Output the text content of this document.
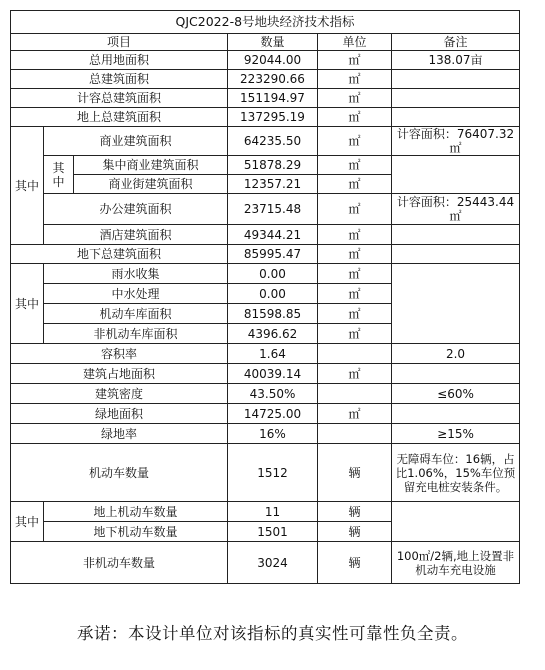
QJC2022-8号地块经济技术指标					
项目			数量	单位	备注
总用地面积			92044.00	㎡	138.07亩
总建筑面积			223290.66	㎡	
计容总建筑面积			151194.97	㎡	
地上总建筑面积			137295.19	㎡	
其中	商业建筑面积		64235.50	㎡	计容面积：76407.32㎡
	其中	集中商业建筑面积	51878.29	㎡	
		商业街建筑面积	12357.21	㎡	
	办公建筑面积		23715.48	㎡	计容面积：25443.44㎡
	酒店建筑面积		49344.21	㎡	
地下总建筑面积			85995.47	㎡	
其中	雨水收集		0.00	㎡	
	中水处理		0.00	㎡	
	机动车库面积		81598.85	㎡	
	非机动车库面积		4396.62	㎡	
容积率			1.64		2.0
建筑占地面积			40039.14	㎡	
建筑密度			43.50%		≤60%
绿地面积			14725.00	㎡	
绿地率			16%		≥15%
机动车数量			1512	辆	无障碍车位：16辆，占比1.06%，15%车位预留充电桩安装条件。
其中	地上机动车数量		11	辆	
	地下机动车数量		1501	辆	
非机动车数量			3024	辆	100㎡/2辆,地上设置非机动车充电设施
承诺：本设计单位对该指标的真实性可靠性负全责。
